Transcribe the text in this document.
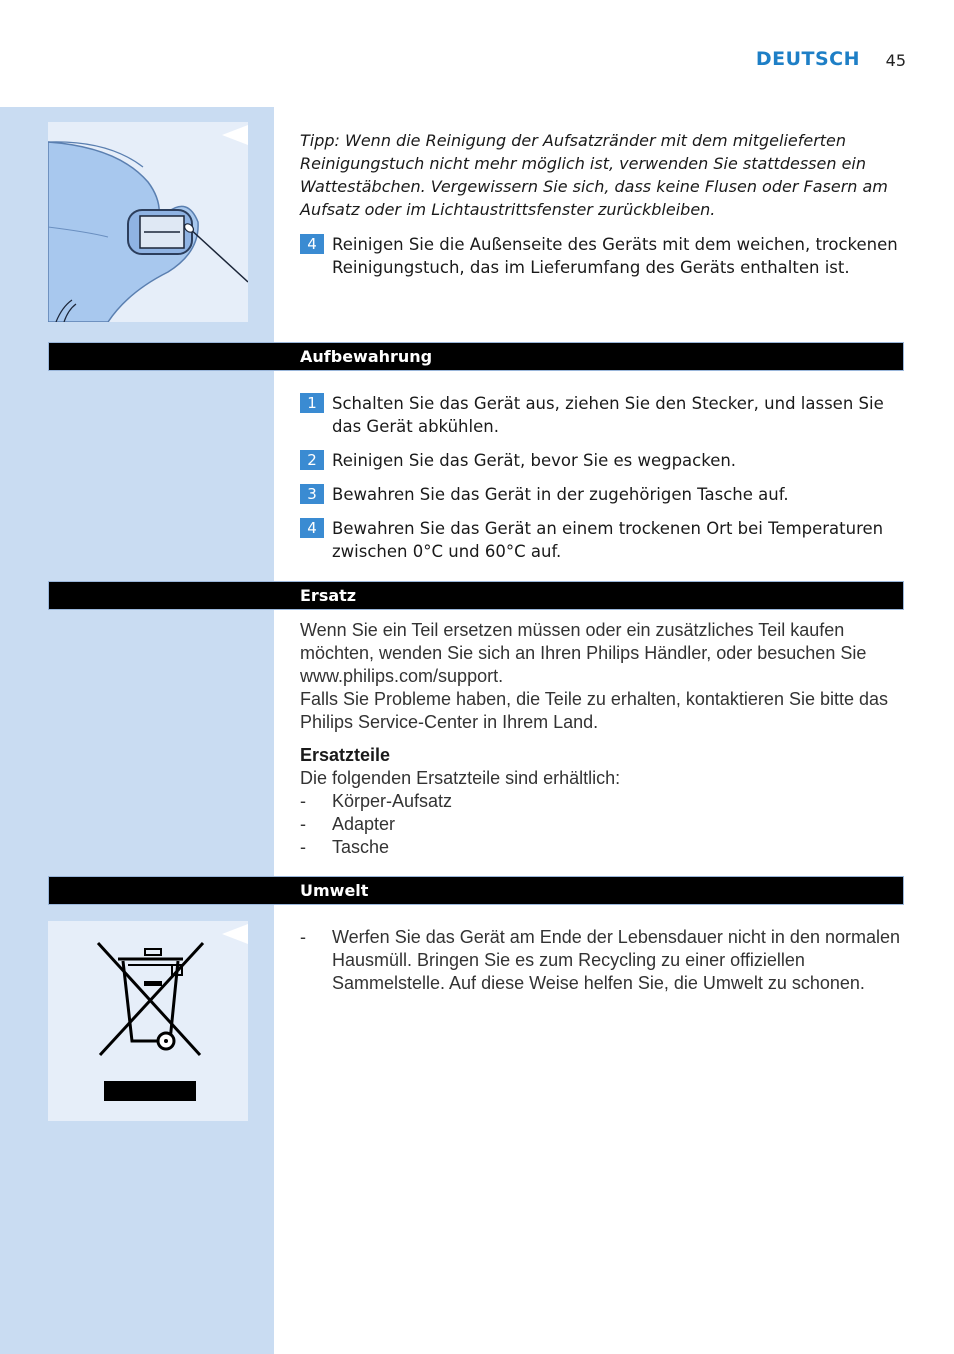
DEUTSCH	45
Tipp: Wenn die Reinigung der Aufsatzränder mit dem mitgelieferten Reinigungstuch nicht mehr möglich ist, verwenden Sie stattdessen ein Wattestäbchen. Vergewissern Sie sich, dass keine Flusen oder Fasern am Aufsatz oder im Lichtaustrittsfenster zurückbleiben.
4 Reinigen Sie die Außenseite des Geräts mit dem weichen, trockenen Reinigungstuch, das im Lieferumfang des Geräts enthalten ist.
Aufbewahrung
1 Schalten Sie das Gerät aus, ziehen Sie den Stecker, und lassen Sie das Gerät abkühlen.
2 Reinigen Sie das Gerät, bevor Sie es wegpacken.
3 Bewahren Sie das Gerät in der zugehörigen Tasche auf.
4 Bewahren Sie das Gerät an einem trockenen Ort bei Temperaturen zwischen 0°C und 60°C auf.
Ersatz
Wenn Sie ein Teil ersetzen müssen oder ein zusätzliches Teil kaufen möchten, wenden Sie sich an Ihren Philips Händler, oder besuchen Sie www.philips.com/support.
Falls Sie Probleme haben, die Teile zu erhalten, kontaktieren Sie bitte das Philips Service-Center in Ihrem Land.
Ersatzteile
Die folgenden Ersatzteile sind erhältlich:
- Körper-Aufsatz
- Adapter
- Tasche
Umwelt
- Werfen Sie das Gerät am Ende der Lebensdauer nicht in den normalen Hausmüll. Bringen Sie es zum Recycling zu einer offiziellen Sammelstelle. Auf diese Weise helfen Sie, die Umwelt zu schonen.
